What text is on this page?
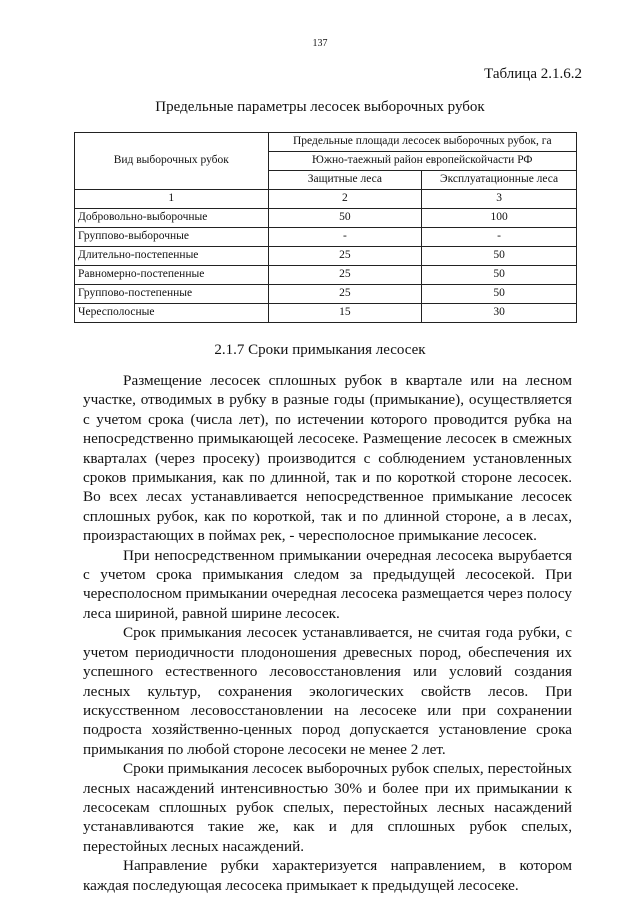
137
Таблица 2.1.6.2
Предельные параметры лесосек выборочных рубок
Вид выборочных рубок	Предельные площади лесосек выборочных рубок, га	
	Южно-таежный район европейскойчасти РФ	
	Защитные леса	Эксплуатационные леса
1	2	3
Добровольно-выборочные	50	100
Группово-выборочные	-	-
Длительно-постепенные	25	50
Равномерно-постепенные	25	50
Группово-постепенные	25	50
Чересполосные	15	30
2.1.7 Сроки примыкания лесосек

Размещение лесосек сплошных рубок в квартале или на лесном участке, отводимых в рубку в разные годы (примыкание), осуществляется с учетом срока (числа лет), по истечении которого проводится рубка на непосредственно примыкающей лесосеке. Размещение лесосек в смежных кварталах (через просеку) производится с соблюдением установленных сроков примыкания, как по длинной, так и по короткой стороне лесосек. Во всех лесах устанавливается непосредственное примыкание лесосек сплошных рубок, как по короткой, так и по длинной стороне, а в лесах, произрастающих в поймах рек, - чересполосное примыкание лесосек.

При непосредственном примыкании очередная лесосека вырубается с учетом срока примыкания следом за предыдущей лесосекой. При чересполосном примыкании очередная лесосека размещается через полосу леса шириной, равной ширине лесосек.

Срок примыкания лесосек устанавливается, не считая года рубки, с учетом периодичности плодоношения древесных пород, обеспечения их успешного естественного лесовосстановления или условий создания лесных культур, сохранения экологических свойств лесов. При искусственном лесовосстановлении на лесосеке или при сохранении подроста хозяйственно-ценных пород допускается установление срока примыкания по любой стороне лесосеки не менее 2 лет.

Сроки примыкания лесосек выборочных рубок спелых, перестойных лесных насаждений интенсивностью 30% и более при их примыкании к лесосекам сплошных рубок спелых, перестойных лесных насаждений устанавливаются такие же, как и для сплошных рубок спелых, перестойных лесных насаждений.

Направление рубки характеризуется направлением, в котором каждая последующая лесосека примыкает к предыдущей лесосеке.
